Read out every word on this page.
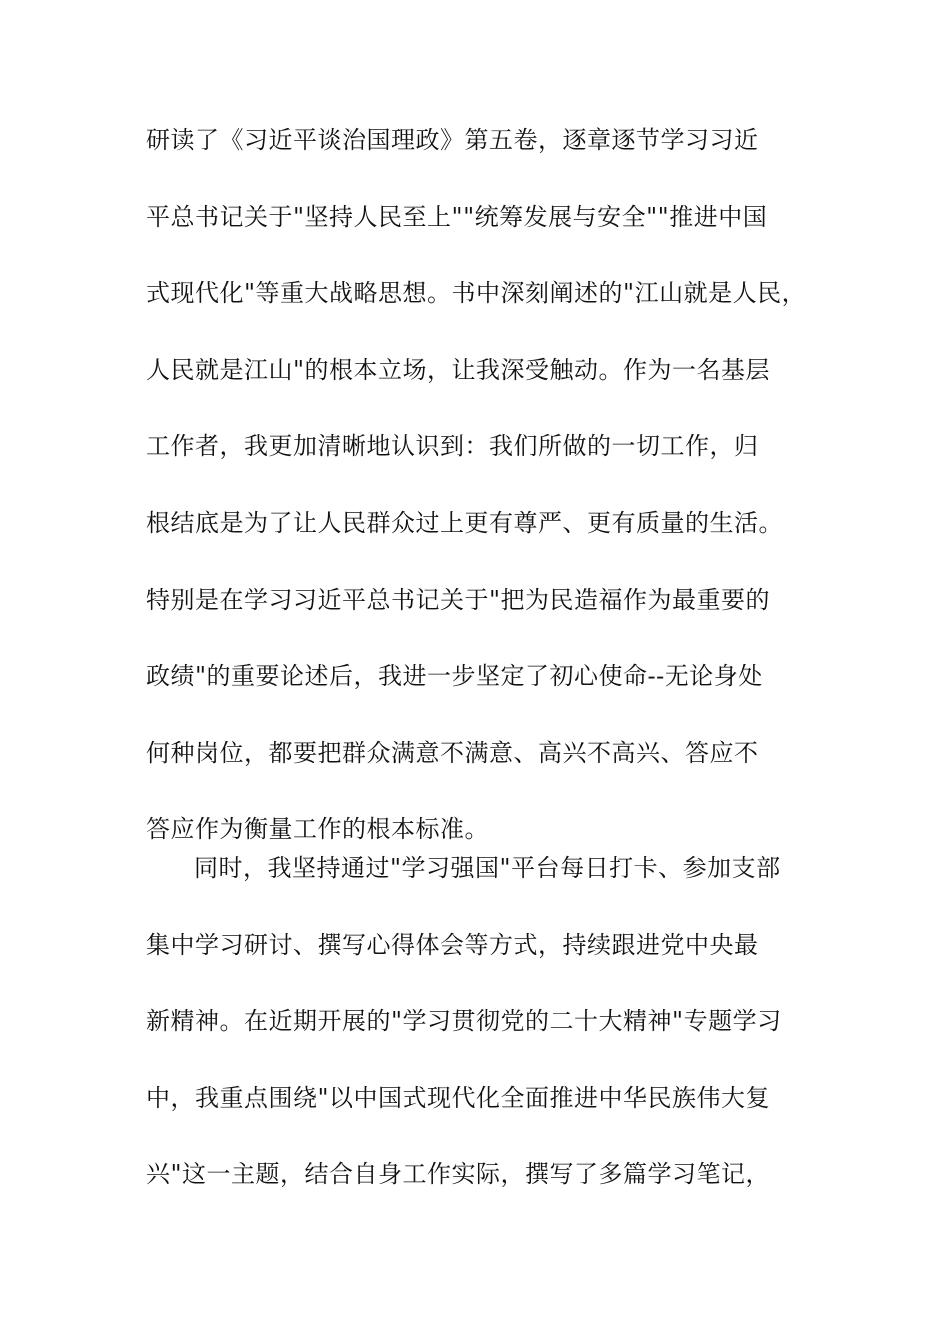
研读了《习近平谈治国理政》第五卷，逐章逐节学习习近
平总书记关于"坚持人民至上""统筹发展与安全""推进中国
式现代化"等重大战略思想。书中深刻阐述的"江山就是人民，
人民就是江山"的根本立场，让我深受触动。作为一名基层
工作者，我更加清晰地认识到：我们所做的一切工作，归
根结底是为了让人民群众过上更有尊严、更有质量的生活。
特别是在学习习近平总书记关于"把为民造福作为最重要的
政绩"的重要论述后，我进一步坚定了初心使命--无论身处
何种岗位，都要把群众满意不满意、高兴不高兴、答应不
答应作为衡量工作的根本标准。
同时，我坚持通过"学习强国"平台每日打卡、参加支部
集中学习研讨、撰写心得体会等方式，持续跟进党中央最
新精神。在近期开展的"学习贯彻党的二十大精神"专题学习
中，我重点围绕"以中国式现代化全面推进中华民族伟大复
兴"这一主题，结合自身工作实际，撰写了多篇学习笔记，
